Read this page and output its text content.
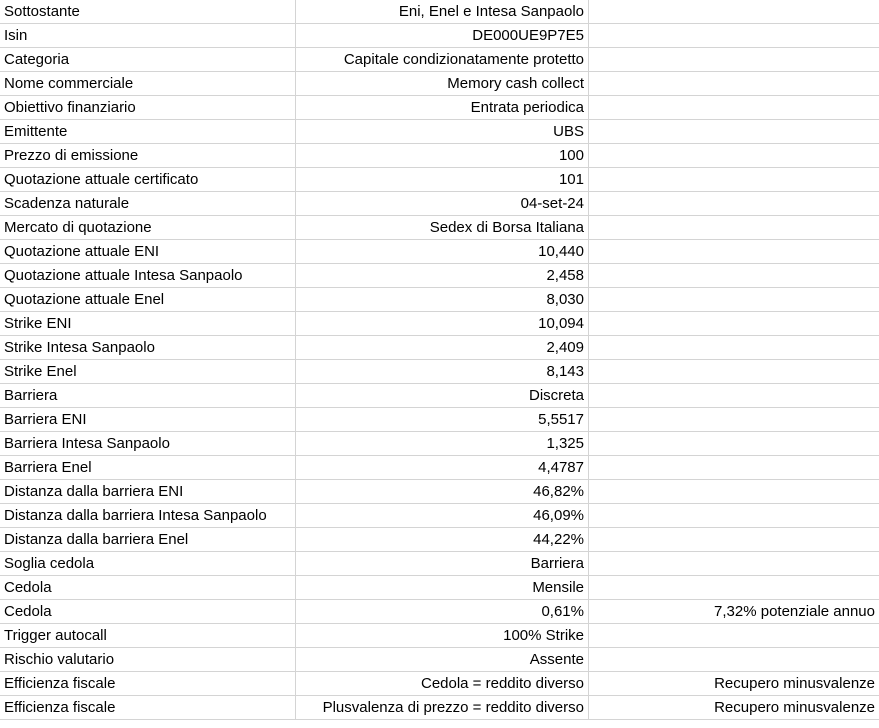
Sottostante	Eni, Enel e Intesa Sanpaolo
Isin	DE000UE9P7E5
Categoria	Capitale condizionatamente protetto
Nome commerciale	Memory cash collect
Obiettivo finanziario	Entrata periodica
Emittente	UBS
Prezzo di emissione	100
Quotazione attuale certificato	101
Scadenza naturale	04-set-24
Mercato di quotazione	Sedex di Borsa Italiana
Quotazione attuale ENI	10,440
Quotazione attuale Intesa Sanpaolo	2,458
Quotazione attuale Enel	8,030
Strike ENI	10,094
Strike Intesa Sanpaolo	2,409
Strike Enel	8,143
Barriera	Discreta
Barriera ENI	5,5517
Barriera Intesa Sanpaolo	1,325
Barriera Enel	4,4787
Distanza dalla barriera ENI	46,82%
Distanza dalla barriera Intesa Sanpaolo	46,09%
Distanza dalla barriera Enel	44,22%
Soglia cedola	Barriera
Cedola	Mensile
Cedola	0,61%	7,32% potenziale annuo
Trigger autocall	100% Strike
Rischio valutario	Assente
Efficienza fiscale	Cedola = reddito diverso	Recupero minusvalenze
Efficienza fiscale	Plusvalenza di prezzo = reddito diverso	Recupero minusvalenze
